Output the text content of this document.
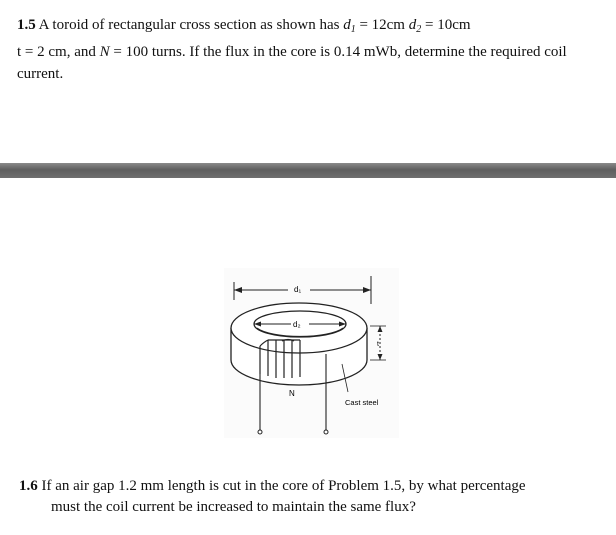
1.5 A toroid of rectangular cross section as shown has $d_1 = 12cm$ $d_2 = 10cm$
t = 2 cm, and N = 100 turns. If the flux in the core is 0.14 mWb, determine the required coil current.
d₁
d₂
t
N
Cast steel
1.6 If an air gap 1.2 mm length is cut in the core of Problem 1.5, by what percentage
must the coil current be increased to maintain the same flux?
